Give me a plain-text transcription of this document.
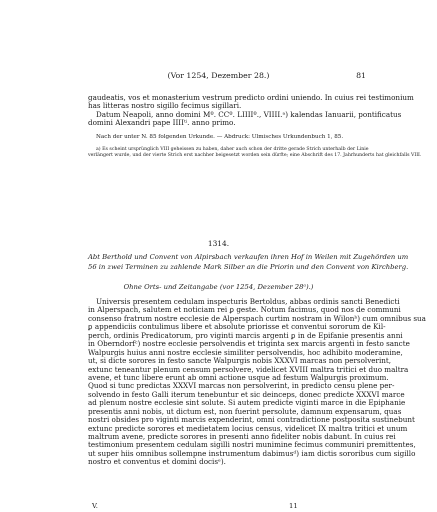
(Vor 1254, Dezember 28.)	81
gaudeatis, vos et monasterium vestrum predicto ordini uniendo. In cuius rei testimonium
has litteras nostro sigillo fecimus sigillari.
Datum Neapoli, anno domini Mº. CCº. LIIIIº., VIIII.ᵃ) kalendas Ianuarii, pontificatus
domini Alexandri pape IIIIᵗⁱ. anno primo.
Nach der unter N. 85 folgenden Urkunde. — Abdruck: Ulmisches Urkundenbuch 1, 85.
a) Es scheint ursprünglich VIII geheissen zu haben, daher auch schon der dritte gerade Strich unterhalb der Linie
verlängert wurde, und der vierte Strich erst nachher beigesetzt worden sein dürfte; eine Abschrift des 17. Jahrhunderts hat gleichfalls VIII.
1314.
Abt Berthold und Convent von Alpirsbach verkaufen ihren Hof in Weilen mit Zugehörden um
56 in zwei Terminen zu zahlende Mark Silber an die Priorin und den Convent von Kirchberg.
Ohne Orts- und Zeitangabe (vor 1254, Dezember 28ᵃ).)
Universis presentem cedulam inspecturis Bertoldus, abbas ordinis sancti Benedicti
in Alperspach, salutem et noticiam rei ꝑ geste. Notum facimus, quod nos de communi
consenso fratrum nostre ecclesie de Alperspach curtim nostram in Wilonᵇ) cum omnibus sua
ꝑ appendiciis contulimus libere et absolute priorisse et conventui sororum de Kil-
perch, ordinis Predicatorum, pro viginti marcis argenti ꝑ in de Epifanie presentis anni
in Oberndorfᶜ) nostre ecclesie persolvendis et triginta sex marcis argenti in festo sancte
Walpurgis huius anni nostre ecclesie similiter persolvendis, hoc adhibito moderamine,
ut, si dicte sorores in festo sancte Walpurgis nobis XXXVI marcas non persolverint,
extunc teneantur plenum censum persolvere, videlicet XVIII maltra tritici et duo maltra
avene, et tunc libere erunt ab omni actione usque ad festum Walpurgis proximum.
Quod si tunc predictas XXXVI marcas non persolverint, in predicto censu plene per-
solvendo in festo Galli iterum tenebuntur et sic deinceps, donec predicte XXXVI marce
ad plenum nostre ecclesie sint solute. Si autem predicte viginti marce in die Epiphanie
presentis anni nobis, ut dictum est, non fuerint persolute, damnum expensarum, quas
nostri obsides pro viginti marcis expenderint, omni contradictione postposita sustinebunt
extunc predicte sorores et medietatem locius census, videlicet IX maltra tritici et unum
maltrum avene, predicte sorores in presenti anno fideliter nobis dabunt. In cuius rei
testimonium presentem cedulam sigilli nostri munimine fecimus communiri premittentes,
ut super hiis omnibus sollempne instrumentum dabimusᵈ) iam dictis sororibus cum sigillo
nostro et conventus et domini docisᵉ).
V.	11
